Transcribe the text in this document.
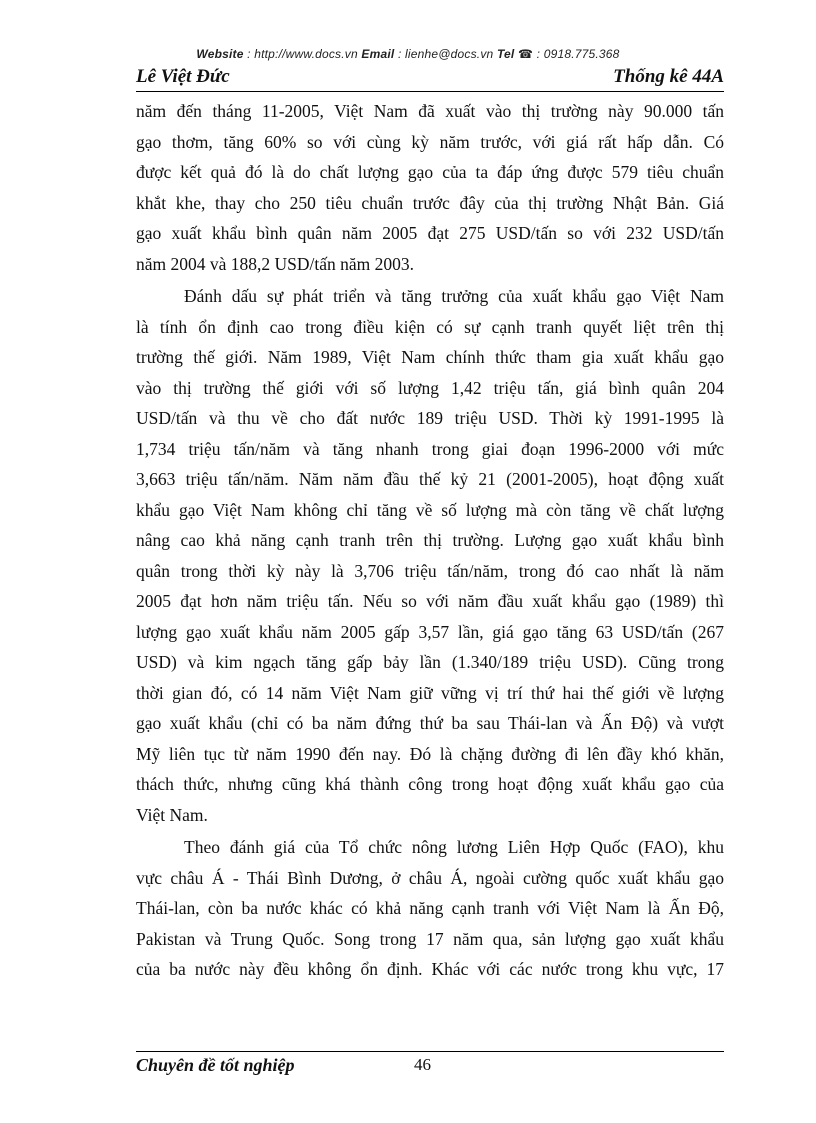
Website : http://www.docs.vn Email : lienhe@docs.vn Tel ☎ : 0918.775.368
Lê Việt Đức	Thống kê 44A
năm đến tháng 11-2005, Việt Nam đã xuất vào thị trường này 90.000 tấn
gạo thơm, tăng 60% so với cùng kỳ năm trước, với giá rất hấp dẫn. Có
được kết quả đó là do chất lượng gạo của ta đáp ứng được 579 tiêu chuẩn
khắt khe, thay cho 250 tiêu chuẩn trước đây của thị trường Nhật Bản. Giá
gạo xuất khẩu bình quân năm 2005 đạt 275 USD/tấn so với 232 USD/tấn
năm 2004 và 188,2 USD/tấn năm 2003.
Đánh dấu sự phát triển và tăng trưởng của xuất khẩu gạo Việt Nam
là tính ổn định cao trong điều kiện có sự cạnh tranh quyết liệt trên thị
trường thế giới. Năm 1989, Việt Nam chính thức tham gia xuất khẩu gạo
vào thị trường thế giới với số lượng 1,42 triệu tấn, giá bình quân 204
USD/tấn và thu về cho đất nước 189 triệu USD. Thời kỳ 1991-1995 là
1,734 triệu tấn/năm và tăng nhanh trong giai đoạn 1996-2000 với mức
3,663 triệu tấn/năm. Năm năm đầu thế kỷ 21 (2001-2005), hoạt động xuất
khẩu gạo Việt Nam không chỉ tăng về số lượng mà còn tăng về chất lượng
nâng cao khả năng cạnh tranh trên thị trường. Lượng gạo xuất khẩu bình
quân trong thời kỳ này là 3,706 triệu tấn/năm, trong đó cao nhất là năm
2005 đạt hơn năm triệu tấn. Nếu so với năm đầu xuất khẩu gạo (1989) thì
lượng gạo xuất khẩu năm 2005 gấp 3,57 lần, giá gạo tăng 63 USD/tấn (267
USD) và kim ngạch tăng gấp bảy lần (1.340/189 triệu USD). Cũng trong
thời gian đó, có 14 năm Việt Nam giữ vững vị trí thứ hai thế giới về lượng
gạo xuất khẩu (chỉ có ba năm đứng thứ ba sau Thái-lan và Ấn Độ) và vượt
Mỹ liên tục từ năm 1990 đến nay. Đó là chặng đường đi lên đầy khó khăn,
thách thức, nhưng cũng khá thành công trong hoạt động xuất khẩu gạo của
Việt Nam.
Theo đánh giá của Tổ chức nông lương Liên Hợp Quốc (FAO), khu
vực châu Á - Thái Bình Dương, ở châu Á, ngoài cường quốc xuất khẩu gạo
Thái-lan, còn ba nước khác có khả năng cạnh tranh với Việt Nam là Ấn Độ,
Pakistan và Trung Quốc. Song trong 17 năm qua, sản lượng gạo xuất khẩu
của ba nước này đều không ổn định. Khác với các nước trong khu vực, 17
Chuyên đề tốt nghiệp	46
